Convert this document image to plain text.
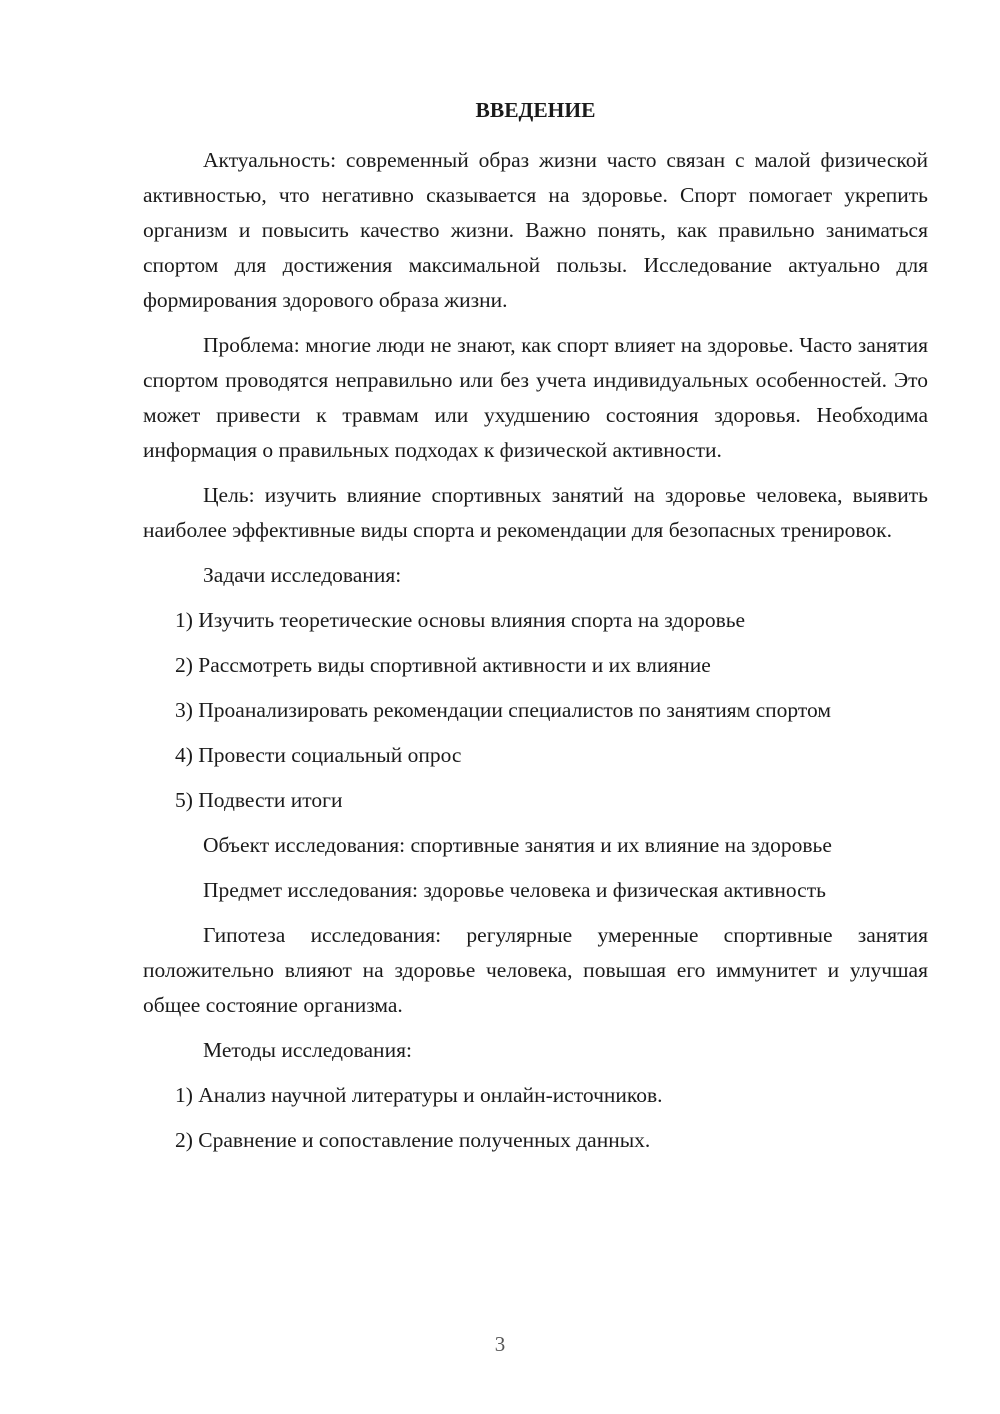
ВВЕДЕНИЕ

Актуальность: современный образ жизни часто связан с малой физической активностью, что негативно сказывается на здоровье. Спорт помогает укрепить организм и повысить качество жизни. Важно понять, как правильно заниматься спортом для достижения максимальной пользы. Исследование актуально для формирования здорового образа жизни.

Проблема: многие люди не знают, как спорт влияет на здоровье. Часто занятия спортом проводятся неправильно или без учета индивидуальных особенностей. Это может привести к травмам или ухудшению состояния здоровья. Необходима информация о правильных подходах к физической активности.

Цель: изучить влияние спортивных занятий на здоровье человека, выявить наиболее эффективные виды спорта и рекомендации для безопасных тренировок.

Задачи исследования:

1) Изучить теоретические основы влияния спорта на здоровье

2) Рассмотреть виды спортивной активности и их влияние

3) Проанализировать рекомендации специалистов по занятиям спортом

4) Провести социальный опрос

5) Подвести итоги

Объект исследования: спортивные занятия и их влияние на здоровье

Предмет исследования: здоровье человека и физическая активность

Гипотеза исследования: регулярные умеренные спортивные занятия положительно влияют на здоровье человека, повышая его иммунитет и улучшая общее состояние организма.

Методы исследования:

1) Анализ научной литературы и онлайн-источников.

2) Сравнение и сопоставление полученных данных.

3
